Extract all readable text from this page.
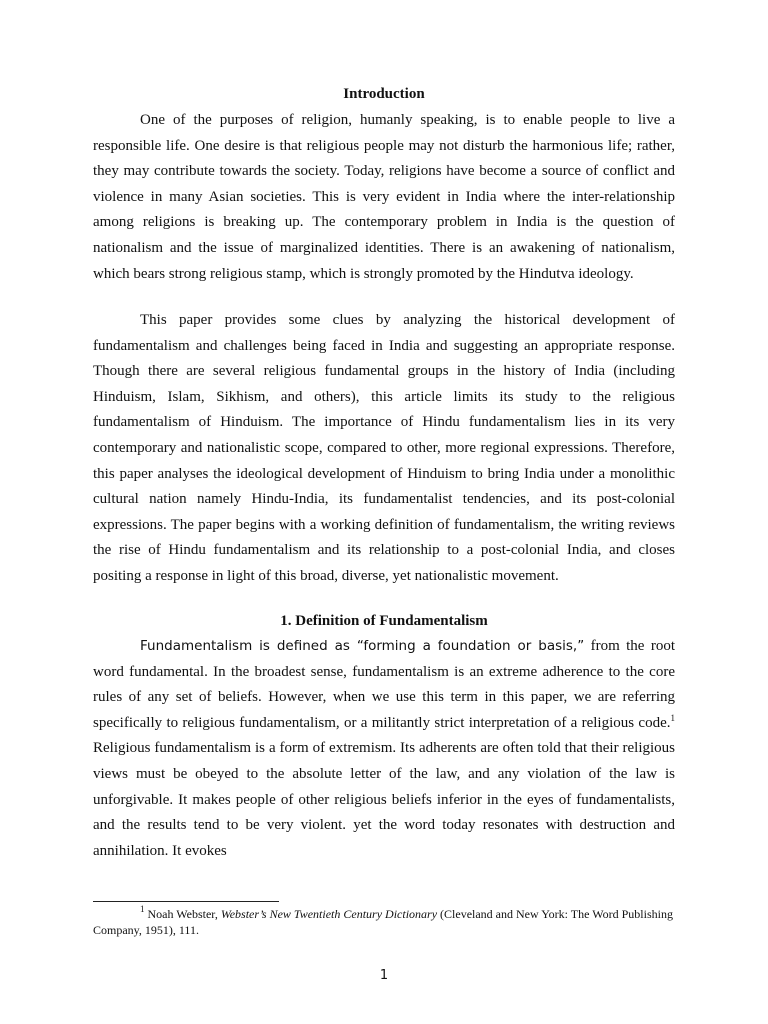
Introduction

One of the purposes of religion, humanly speaking, is to enable people to live a responsible life. One desire is that religious people may not disturb the harmonious life; rather, they may contribute towards the society. Today, religions have become a source of conflict and violence in many Asian societies. This is very evident in India where the inter-relationship among religions is breaking up. The contemporary problem in India is the question of nationalism and the issue of marginalized identities. There is an awakening of nationalism, which bears strong religious stamp, which is strongly promoted by the Hindutva ideology.

This paper provides some clues by analyzing the historical development of fundamentalism and challenges being faced in India and suggesting an appropriate response. Though there are several religious fundamental groups in the history of India (including Hinduism, Islam, Sikhism, and others), this article limits its study to the religious fundamentalism of Hinduism. The importance of Hindu fundamentalism lies in its very contemporary and nationalistic scope, compared to other, more regional expressions. Therefore, this paper analyses the ideological development of Hinduism to bring India under a monolithic cultural nation namely Hindu-India, its fundamentalist tendencies, and its post-colonial expressions. The paper begins with a working definition of fundamentalism, the writing reviews the rise of Hindu fundamentalism and its relationship to a post-colonial India, and closes positing a response in light of this broad, diverse, yet nationalistic movement.

1. Definition of Fundamentalism

Fundamentalism is defined as “forming a foundation or basis,” from the root word fundamental. In the broadest sense, fundamentalism is an extreme adherence to the core rules of any set of beliefs. However, when we use this term in this paper, we are referring specifically to religious fundamentalism, or a militantly strict interpretation of a religious code.$^1$ Religious fundamentalism is a form of extremism. Its adherents are often told that their religious views must be obeyed to the absolute letter of the law, and any violation of the law is unforgivable. It makes people of other religious beliefs inferior in the eyes of fundamentalists, and the results tend to be very violent. yet the word today resonates with destruction and annihilation. It evokes

$^1$ Noah Webster, Webster’s New Twentieth Century Dictionary (Cleveland and New York: The Word Publishing Company, 1951), 111.

1
